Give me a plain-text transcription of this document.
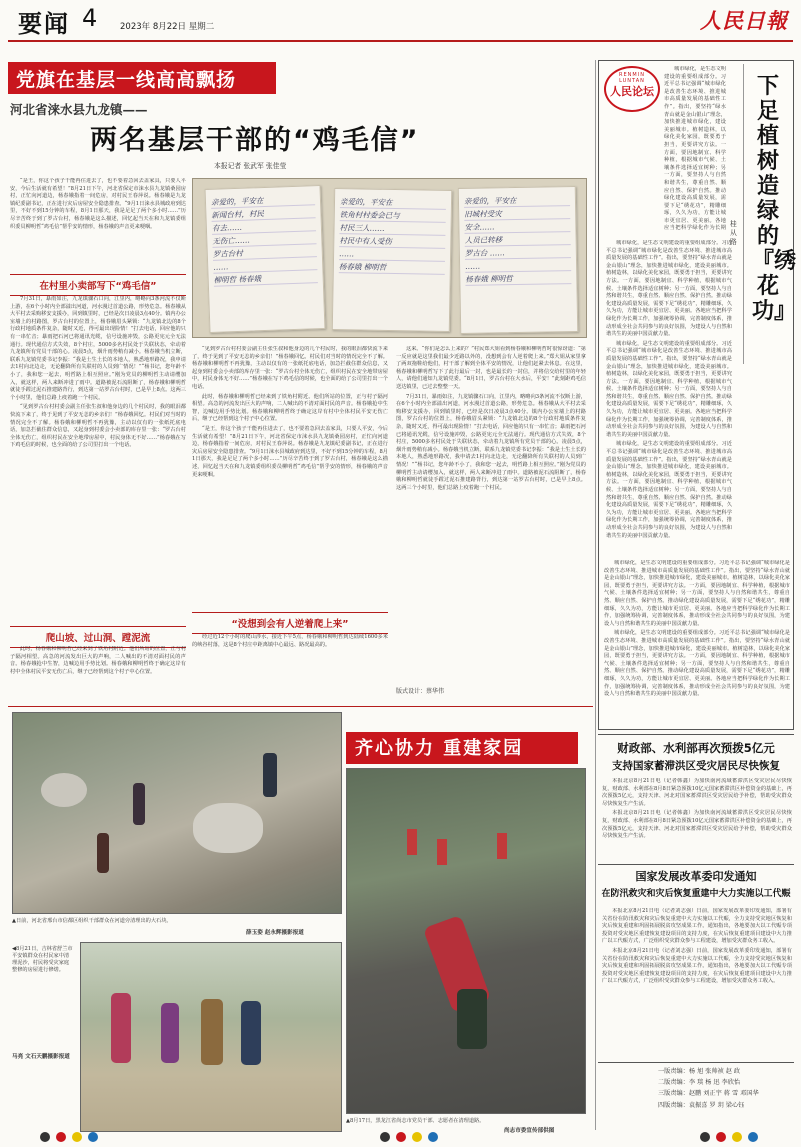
要闻 4	2023年 8月22日 星期二	人民日報
党旗在基层一线高高飘扬
河北省涞水县九龙镇——
两名基层干部的“鸡毛信”
本报记者 张武军 张佳莹
亲爱的，平安在
新闻台村，村民
有去……
无伤亡……
罗古台村
……
柳明哲 杨春娥
亲爱的，平安在
铁角村村委会已与
村民三人……
村民中有人受伤
……
杨春娥 柳明哲
亲爱的，平安在
旧城村受灾
安全……
人员已转移
罗古台 ……
……
杨春娥 柳明哲

“是王，你这个孩子干能再住进去了，也不要着急回去盖家具，只要人平安，今后生活就有希望！”8月21日下午，河北省保定市涞水县九龙镇桑园房村，正忙向河道边，杨春娥指着一间危房，对村民王春萍说。杨春娥是九龙镇纪委副书记，正在进行灾后房屋安全隐患排查。“9月1日涞水县城政府到达里，不好不到15分钟的车程，8月1日那天，我是足足了两个多小时……”历尽辛苦终于到了罗古台村，杨春娥是这么描述，回忆起当天在和九龙镇委组织委员柳明哲“鸡毛信”帮乎安的情形，杨春娥的声音更来哽咽。

在村里小卖部写下“鸡毛信”

7月31日，暴雨如注，九龙镇骤石口向，江里内，略略向3条河流不仅断上游，在6个小时内全部溢出河道，河水漫过首道公路，形势危急。杨春娥从大平村去采购移安支援办，回到镇里时，已经是次日凌晨3点40分。镇内办公室墙上的村路图，罗古台村的位置上，杨春娥眉头紧锁：“九龙镇北边的8个行政村地质条件复杂，随时又近，得可最出现险情！”打去电话，回应他的只有一串忙音；暴雨把石河已将通讯光缆，信号设施冲毁，公路更宪元全无法通行。现代通信方式失效，8个村庄，5000多名村民处于失联状态，牵动着九龙镇所有党员干部的心。凌晨5点，烟升雨势稍有减小。杨春娥当机立断，联系九龙镇党委书记李振：“我是土生土长的本地人，熟悉地形路况，我申请去1村向北边走，无论翻降所有失联村的人员到广情况！”“杨书记，您年龄不小了，我和您一起去，明哲路上相互照应。”刚为党员的柳明哲主动请缨加入，就这样，两人来断冲进了雨中。道路被泥石流阻断了，杨春娥和柳明哲就徒手蹚过泥石推建路背行，到达第一站罗古台村时，已是早上8点。这两三个小时里，他们总路上疫着跑一个村民。

“见到罗古台村村委会副主任张生叔和他身边的几个村民时，我的眼泪都快流下来了，终于见到了平安无恙的乡亲们！”杨春娥回忆。村民们对当时的情况完全不了解。杨春娥和柳明哲不再犹豫，主动以仅有的一张纸托底电话，加急拦截住群众信息，又起身到村委会小卖部的库存里一张：“罗古台村全体无伤亡，组织村民在安全地带房屋中，村民身体无不好……”杨春娥在写下鸡毛信的时候，也全面的给了公司里打出一个电话。

爬山坡、过山洞、蹚泥流

此时，杨春娥和柳明哲已经来到了铁角村附近。他们所站的位置，正与村子隔河相望。高急的河流发出巨大的声响，二人喊出的不清对面村民的声音。杨春娥抢中生智，边喊边用手势比划。杨春娥和柳明哲终于确定这岸有村中全体村民平安无伤亡后，继子已经帮到这个村子中心位置。

“见到罗古台村村委会副主任张生叔和他身边的几个村民时，我的眼泪都快流下来了，终于见到了平安无恙的乡亲们！”杨春娥回忆。村民们对当时的情况完全不了解。杨春娥和柳明哲不再犹豫，主动以仅有的一张纸托底电话，加急拦截住群众信息，又起身到村委会小卖部的库存里一张：“罗古台村全体无伤亡，组织村民在安全地带房屋中，村民身体无不好……”杨春娥在写下鸡毛信的时候，也全面的给了公司里打出一个电话。

此时，杨春娥和柳明哲已经来到了铁角村附近。他们所站的位置，正与村子隔河相望。高急的河流发出巨大的声响，二人喊出的不清对面村民的声音。杨春娥抢中生智，边喊边用手势比划。杨春娥和柳明哲终于确定这岸有村中全体村民平安无伤亡后，继子已经帮到这个村子中心位置。

“是王，你这个孩子干能再住进去了，也不要着急回去盖家具，只要人平安，今后生活就有希望！”8月21日下午，河北省保定市涞水县九龙镇桑园房村，正忙向河道边，杨春娥指着一间危房，对村民王春萍说。杨春娥是九龙镇纪委副书记，正在进行灾后房屋安全隐患排查。“9月1日涞水县城政府到达里，不好不到15分钟的车程，8月1日那天，我是足足了两个多小时……”历尽辛苦终于到了罗古台村，杨春娥是这么描述，回忆起当天在和九龙镇委组织委员柳明哲“鸡毛信”帮乎安的情形，杨春娥的声音更来哽咽。

“没想到会有人逆着爬上来”

经过近12个小时的爬山涉水，接近下午5点，杨春娥和柳明哲到达陆续1600多米的峡谷村落，这是8个村庄中距离镇中心最远、路况最高的。

这来。“你们是怎么上来的？”村民郑大姐看到杨春娥和柳明哲时很惊讶道：“第一反应就是这里我们最少近路以外的，没想到会有人逆着爬上来。”郑大姐从家里拿了两双拖鞋给他们，村干部了解到全体平安的情况，让他们赶紧去休息。在这里，杨春娥和柳明哲写下了此行最后一封，也是最长的一封信，并将信交给村里的年轻人，请他们通知九龙镇党委。“8月1日，罗古台村在大水后，平安！”此刻距鸡毛信送达镇里，已过去整整一天。

7月31日，暴雨如注，九龙镇骤石口向，江里内，略略向3条河流不仅断上游，在6个小时内全部溢出河道，河水漫过首道公路，形势危急。杨春娥从大平村去采购移安支援办，回到镇里时，已经是次日凌晨3点40分。镇内办公室墙上的村路图，罗古台村的位置上，杨春娥眉头紧锁：“九龙镇北边的8个行政村地质条件复杂，随时又近，得可最出现险情！”打去电话，回应他的只有一串忙音；暴雨把石河已将通讯光缆，信号设施冲毁，公路更宪元全无法通行。现代通信方式失效，8个村庄，5000多名村民处于失联状态，牵动着九龙镇所有党员干部的心。凌晨5点，烟升雨势稍有减小。杨春娥当机立断，联系九龙镇党委书记李振：“我是土生土长的本地人，熟悉地形路况，我申请去1村向北边走，无论翻降所有失联村的人员到广情况！”“杨书记，您年龄不小了，我和您一起去，明哲路上相互照应。”刚为党员的柳明哲主动请缨加入，就这样，两人来断冲进了雨中。道路被泥石流阻断了，杨春娥和柳明哲就徒手蹚过泥石推建路背行，到达第一站罗古台村时，已是早上8点。这两三个小时里，他们总路上疫着跑一个村民。

版式设计：蔡华伟
RENMIN LUNTAN
人民论坛	下足植树造绿的『绣花功』
桂从路

城市绿化，是生态文明建设的重要组成部分。习近平总书记强调“城市绿化是改善生态环境、推进城市高质量发展的基础性工作”。指出，要坚持“绿水青山就是金山银山”理念，加快推进城市绿化，建设美丽城市。植树造林，以绿化美化家园，既要勇于担当，更要讲究方法。一方面，要因地制宜、科学种植，根据城市气候、土壤条件选择适宜树种；另一方面，要坚持人与自然和谐共生，尊重自然、顺应自然、保护自然。推动绿化建设高质量发展，需要下足“绣花功”，精雕细琢，久久为功，方能让城市更宜居、更美丽。各地应当把科学绿化作为长期

城市绿化，是生态文明建设的重要组成部分。习近平总书记强调“城市绿化是改善生态环境、推进城市高质量发展的基础性工作”。指出，要坚持“绿水青山就是金山银山”理念，加快推进城市绿化，建设美丽城市。植树造林，以绿化美化家园，既要勇于担当，更要讲究方法。一方面，要因地制宜、科学种植，根据城市气候、土壤条件选择适宜树种；另一方面，要坚持人与自然和谐共生，尊重自然、顺应自然、保护自然。推动绿化建设高质量发展，需要下足“绣花功”，精雕细琢，久久为功，方能让城市更宜居、更美丽。各地应当把科学绿化作为长期工作，加强统筹协调，完善制度体系，推动形成全社会共同参与的良好氛围，为建设人与自然和谐共生的美丽中国贡献力量。

城市绿化，是生态文明建设的重要组成部分。习近平总书记强调“城市绿化是改善生态环境、推进城市高质量发展的基础性工作”。指出，要坚持“绿水青山就是金山银山”理念，加快推进城市绿化，建设美丽城市。植树造林，以绿化美化家园，既要勇于担当，更要讲究方法。一方面，要因地制宜、科学种植，根据城市气候、土壤条件选择适宜树种；另一方面，要坚持人与自然和谐共生，尊重自然、顺应自然、保护自然。推动绿化建设高质量发展，需要下足“绣花功”，精雕细琢，久久为功，方能让城市更宜居、更美丽。各地应当把科学绿化作为长期工作，加强统筹协调，完善制度体系，推动形成全社会共同参与的良好氛围，为建设人与自然和谐共生的美丽中国贡献力量。

城市绿化，是生态文明建设的重要组成部分。习近平总书记强调“城市绿化是改善生态环境、推进城市高质量发展的基础性工作”。指出，要坚持“绿水青山就是金山银山”理念，加快推进城市绿化，建设美丽城市。植树造林，以绿化美化家园，既要勇于担当，更要讲究方法。一方面，要因地制宜、科学种植，根据城市气候、土壤条件选择适宜树种；另一方面，要坚持人与自然和谐共生，尊重自然、顺应自然、保护自然。推动绿化建设高质量发展，需要下足“绣花功”，精雕细琢，久久为功，方能让城市更宜居、更美丽。各地应当把科学绿化作为长期工作，加强统筹协调，完善制度体系，推动形成全社会共同参与的良好氛围，为建设人与自然和谐共生的美丽中国贡献力量。

城市绿化，是生态文明建设的重要组成部分。习近平总书记强调“城市绿化是改善生态环境、推进城市高质量发展的基础性工作”。指出，要坚持“绿水青山就是金山银山”理念，加快推进城市绿化，建设美丽城市。植树造林，以绿化美化家园，既要勇于担当，更要讲究方法。一方面，要因地制宜、科学种植，根据城市气候、土壤条件选择适宜树种；另一方面，要坚持人与自然和谐共生，尊重自然、顺应自然、保护自然。推动绿化建设高质量发展，需要下足“绣花功”，精雕细琢，久久为功，方能让城市更宜居、更美丽。各地应当把科学绿化作为长期工作，加强统筹协调，完善制度体系，推动形成全社会共同参与的良好氛围，为建设人与自然和谐共生的美丽中国贡献力量。

城市绿化，是生态文明建设的重要组成部分。习近平总书记强调“城市绿化是改善生态环境、推进城市高质量发展的基础性工作”。指出，要坚持“绿水青山就是金山银山”理念，加快推进城市绿化，建设美丽城市。植树造林，以绿化美化家园，既要勇于担当，更要讲究方法。一方面，要因地制宜、科学种植，根据城市气候、土壤条件选择适宜树种；另一方面，要坚持人与自然和谐共生，尊重自然、顺应自然、保护自然。推动绿化建设高质量发展，需要下足“绣花功”，精雕细琢，久久为功，方能让城市更宜居、更美丽。各地应当把科学绿化作为长期工作，加强统筹协调，完善制度体系，推动形成全社会共同参与的良好氛围，为建设人与自然和谐共生的美丽中国贡献力量。

▲日前，河北省邢台市信都区组织干部群众在河道旁清理出的大石块。
薛玉姿 赵永辉摄影报道
◀8月21日，吉林省舒兰市平安镇群众在村民家中清理泥沙，村民将受灾家庭整修的房屋进行修缮。
马亮 文石天鹏摄影报道
齐心协力 重建家园
▲8月17日，黑龙江省尚志市党员干部、志愿者在清理道路。
尚志市委宣传部供图
财政部、水利部再次预拨5亿元
支持国家蓄滞洪区受灾居民尽快恢复

本报北京8月21日电（记者韩鑫）为加快南河流域蓄滞洪区受灾居民尽快恢复，财政部、水利部在8月8日紧急预拨10亿元国家蓄滞洪区补偿资金的基础上，再次预拨5亿元，支持天津、河北对国家蓄滞洪区受灾居民给予补偿，帮助受灾群众尽快恢复生产生活。

本报北京8月21日电（记者韩鑫）为加快南河流域蓄滞洪区受灾居民尽快恢复，财政部、水利部在8月8日紧急预拨10亿元国家蓄滞洪区补偿资金的基础上，再次预拨5亿元，支持天津、河北对国家蓄滞洪区受灾居民给予补偿，帮助受灾群众尽快恢复生产生活。

国家发展改革委印发通知
在防汛救灾和灾后恢复重建中大力实施以工代赈

本报北京8月21日电（记者刘志强）日前，国家发展改革委印发通知，部署有关省份在防汛救灾和灾后恢复重建中大力实施以工代赈，全力支持受灾地区恢复和灾后恢复重建和巩固拓展脱贫攻坚成果工作。通知指出，各地要加大以工代赈专项投资对受灾地区重建恢复建设项目的支持力度，在灾后恢复重建项目建设中大力推广以工代赈方式，广泛组织受灾群众参与工程建设，增加受灾群众务工收入。

本报北京8月21日电（记者刘志强）日前，国家发展改革委印发通知，部署有关省份在防汛救灾和灾后恢复重建中大力实施以工代赈，全力支持受灾地区恢复和灾后恢复重建和巩固拓展脱贫攻坚成果工作。通知指出，各地要加大以工代赈专项投资对受灾地区重建恢复建设项目的支持力度，在灾后恢复重建项目建设中大力推广以工代赈方式，广泛组织受灾群众参与工程建设，增加受灾群众务工收入。

一版责编：杨 旭 张帅祯 赵 政
二版责编：李 琰 杨 迅 李欣怡
三版责编：赵鹏 刘正宇 蒋 雪 邓国华
四版责编：袁振喜 罗 玥 梁心钰
